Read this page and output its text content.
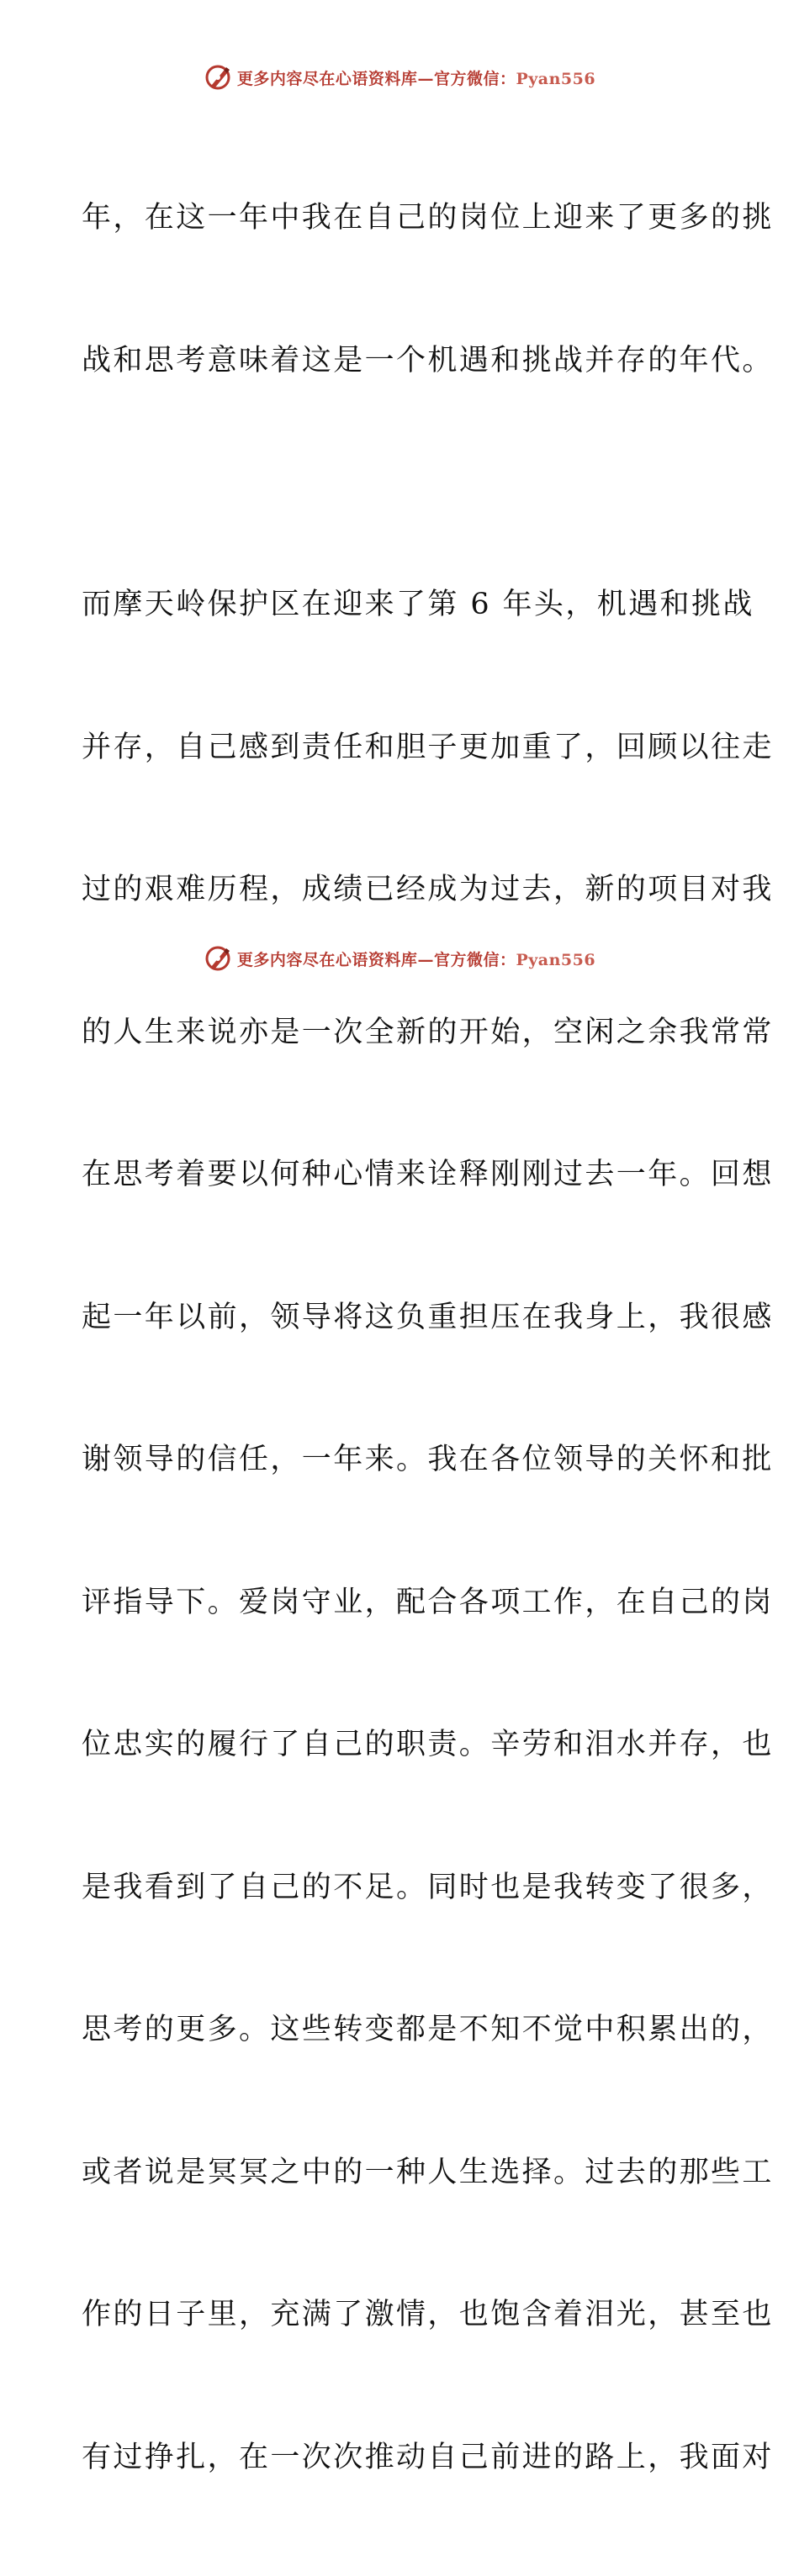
更多内容尽在心语资料库—官方微信：Pyan556

年，在这一年中我在自己的岗位上迎来了更多的挑

战和思考意味着这是一个机遇和挑战并存的年代。

而摩天岭保护区在迎来了第 6 年头，机遇和挑战

并存，自己感到责任和胆子更加重了，回顾以往走

过的艰难历程，成绩已经成为过去，新的项目对我

的人生来说亦是一次全新的开始，空闲之余我常常

在思考着要以何种心情来诠释刚刚过去一年。回想

起一年以前，领导将这负重担压在我身上，我很感

谢领导的信任，一年来。我在各位领导的关怀和批

评指导下。爱岗守业，配合各项工作，在自己的岗

位忠实的履行了自己的职责。辛劳和泪水并存，也

是我看到了自己的不足。同时也是我转变了很多，

思考的更多。这些转变都是不知不觉中积累出的，

或者说是冥冥之中的一种人生选择。过去的那些工

作的日子里，充满了激情，也饱含着泪光，甚至也

有过挣扎，在一次次推动自己前进的路上，我面对

更多内容尽在心语资料库—官方微信：Pyan556
